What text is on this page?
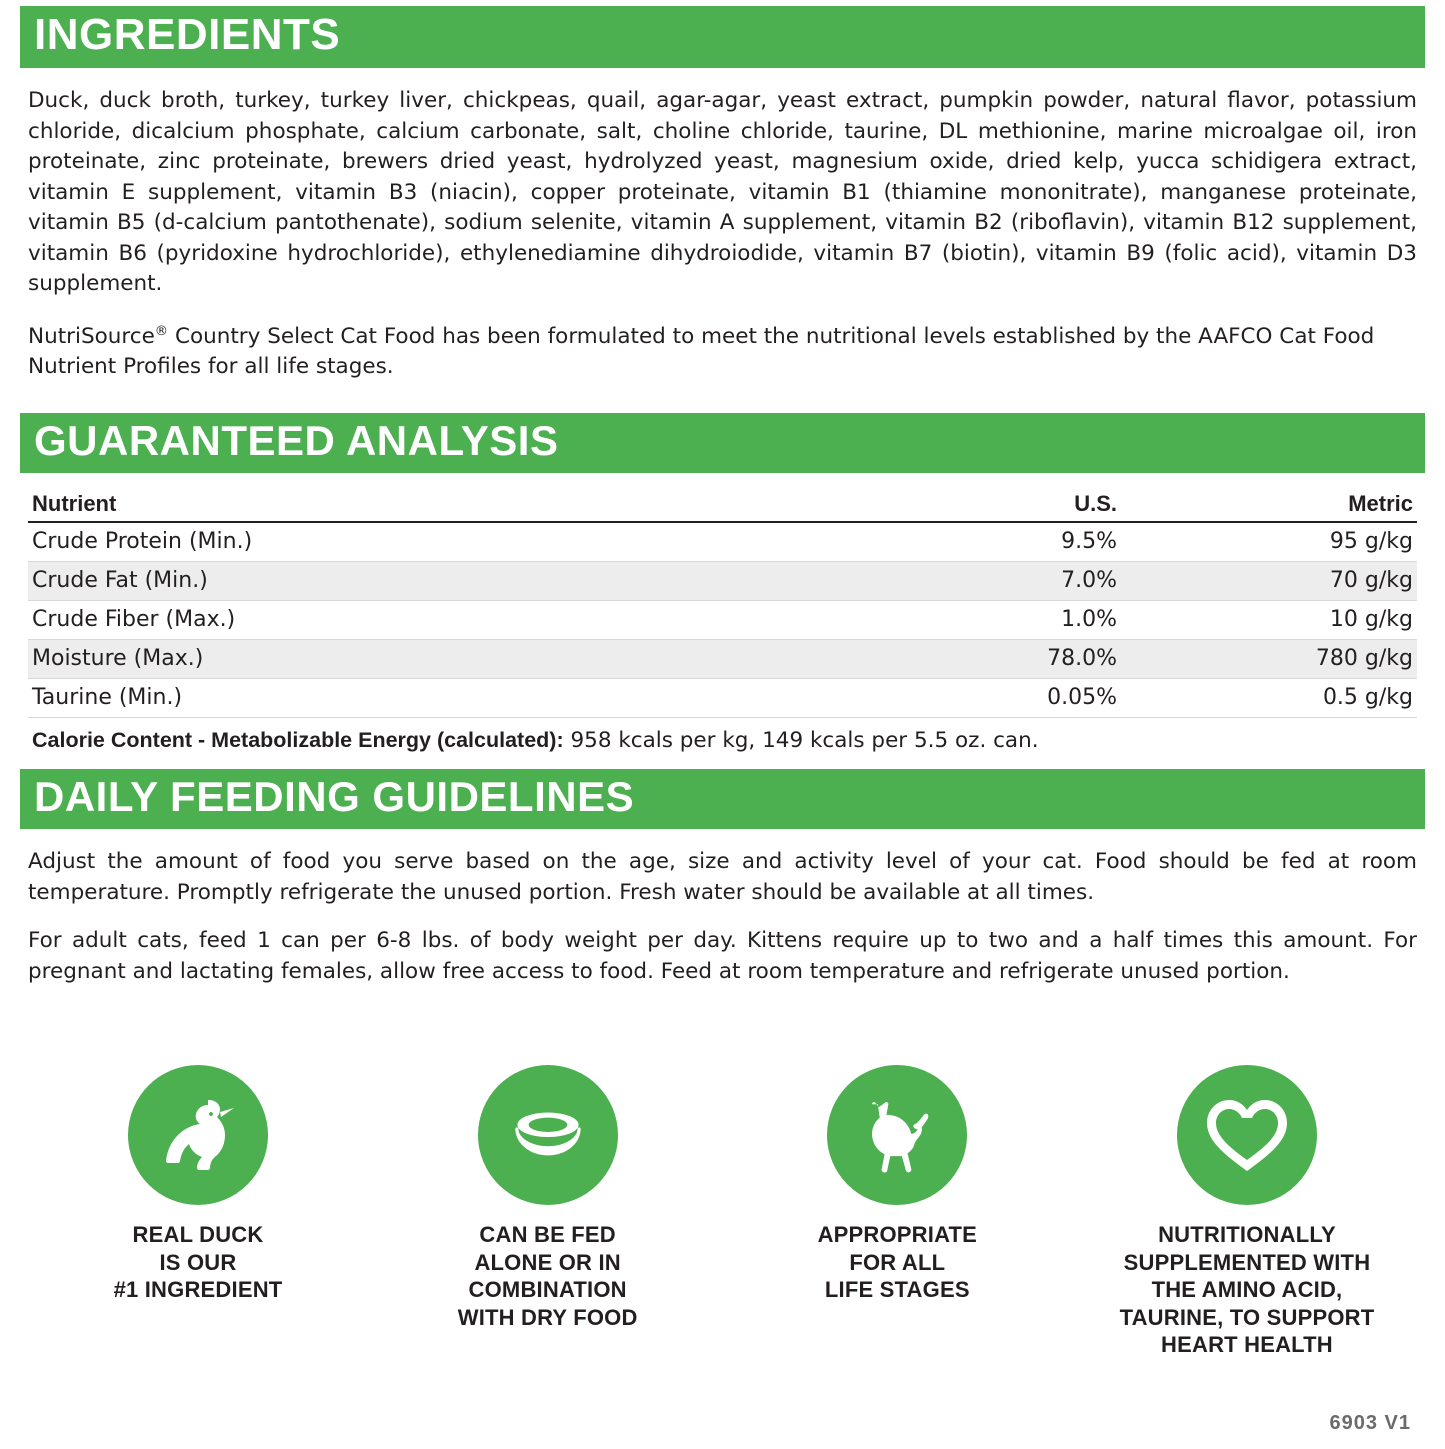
INGREDIENTS

Duck, duck broth, turkey, turkey liver, chickpeas, quail, agar-agar, yeast extract, pumpkin powder, natural flavor, potassium chloride, dicalcium phosphate, calcium carbonate, salt, choline chloride, taurine, DL methionine, marine microalgae oil, iron proteinate, zinc proteinate, brewers dried yeast, hydrolyzed yeast, magnesium oxide, dried kelp, yucca schidigera extract, vitamin E supplement, vitamin B3 (niacin), copper proteinate, vitamin B1 (thiamine mononitrate), manganese proteinate, vitamin B5 (d-calcium pantothenate), sodium selenite, vitamin A supplement, vitamin B2 (riboflavin), vitamin B12 supplement, vitamin B6 (pyridoxine hydrochloride), ethylenediamine dihydroiodide, vitamin B7 (biotin), vitamin B9 (folic acid), vitamin D3 supplement.

NutriSource® Country Select Cat Food has been formulated to meet the nutritional levels established by the AAFCO Cat Food Nutrient Profiles for all life stages.

GUARANTEED ANALYSIS
Nutrient	U.S.	Metric
Crude Protein (Min.)	9.5%	95 g/kg
Crude Fat (Min.)	7.0%	70 g/kg
Crude Fiber (Max.)	1.0%	10 g/kg
Moisture (Max.)	78.0%	780 g/kg
Taurine (Min.)	0.05%	0.5 g/kg

Calorie Content - Metabolizable Energy (calculated): 958 kcals per kg, 149 kcals per 5.5 oz. can.

DAILY FEEDING GUIDELINES

Adjust the amount of food you serve based on the age, size and activity level of your cat. Food should be fed at room temperature. Promptly refrigerate the unused portion. Fresh water should be available at all times.

For adult cats, feed 1 can per 6-8 lbs. of body weight per day. Kittens require up to two and a half times this amount. For pregnant and lactating females, allow free access to food. Feed at room temperature and refrigerate unused portion.

REAL DUCK
IS OUR
#1 INGREDIENT
CAN BE FED
ALONE OR IN
COMBINATION
WITH DRY FOOD
APPROPRIATE
FOR ALL
LIFE STAGES
NUTRITIONALLY
SUPPLEMENTED WITH
THE AMINO ACID,
TAURINE, TO SUPPORT
HEART HEALTH
6903 V1
